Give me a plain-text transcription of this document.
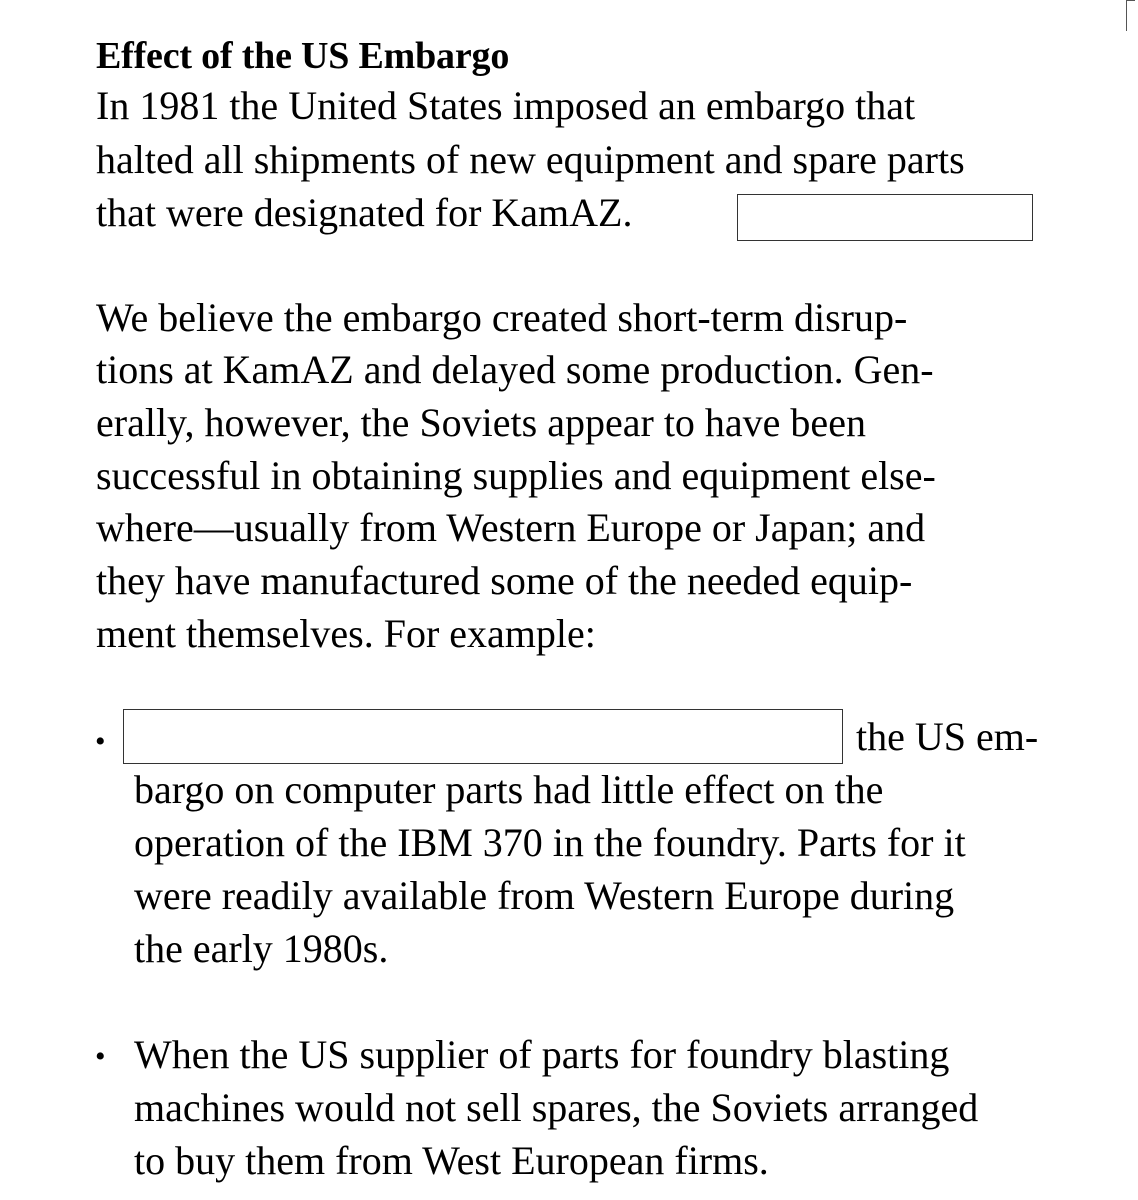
Effect of the US Embargo
In 1981 the United States imposed an embargo that
halted all shipments of new equipment and spare parts
that were designated for KamAZ.
We believe the embargo created short-term disrup-
tions at KamAZ and delayed some production. Gen-
erally, however, the Soviets appear to have been
successful in obtaining supplies and equipment else-
where—usually from Western Europe or Japan; and
they have manufactured some of the needed equip-
ment themselves. For example:
•	the US em-
bargo on computer parts had little effect on the
operation of the IBM 370 in the foundry. Parts for it
were readily available from Western Europe during
the early 1980s.
• When the US supplier of parts for foundry blasting
machines would not sell spares, the Soviets arranged
to buy them from West European firms.
